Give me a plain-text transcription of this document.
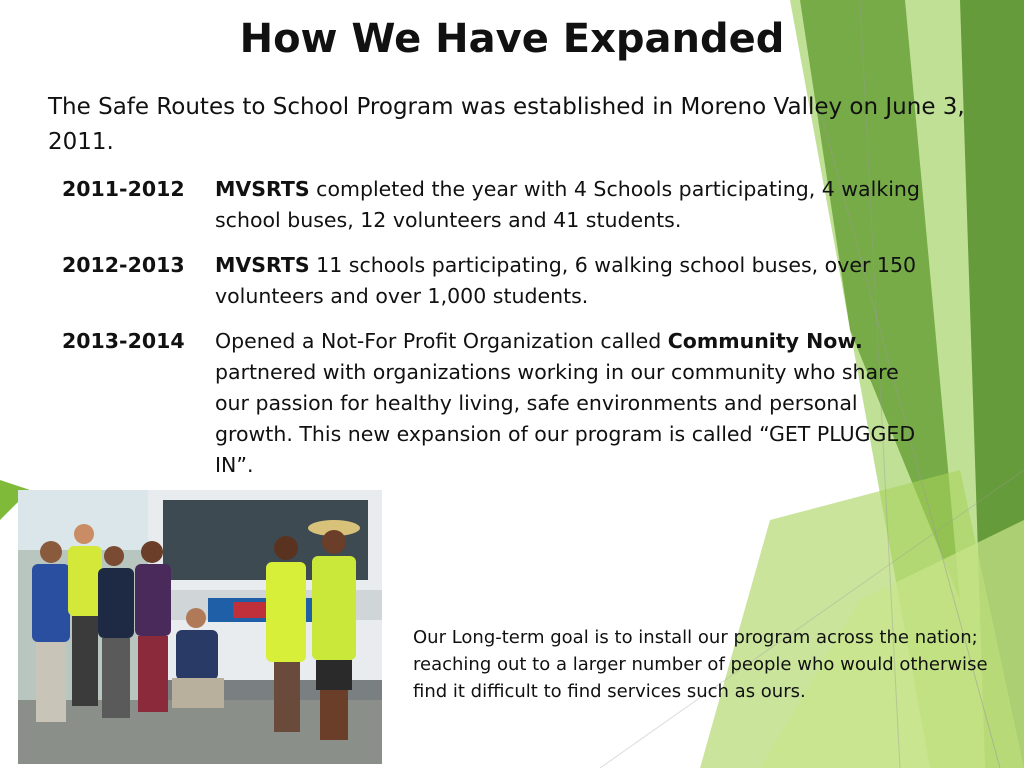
How We Have Expanded

The Safe Routes to School Program was established in Moreno Valley on June 3, 2011.

2011-2012	MVSRTS completed the year with 4 Schools participating, 4 walking school buses, 12 volunteers and 41 students.
2012-2013	MVSRTS 11 schools participating, 6 walking school buses, over 150 volunteers and over 1,000 students.
2013-2014	Opened a Not-For Profit Organization called Community Now. partnered with organizations working in our community who share our passion for healthy living, safe environments and personal growth. This new expansion of our program is called “GET PLUGGED IN”.

Our Long-term goal is to install our program across the nation; reaching out to a larger number of people who would otherwise find it difficult to find services such as ours.
